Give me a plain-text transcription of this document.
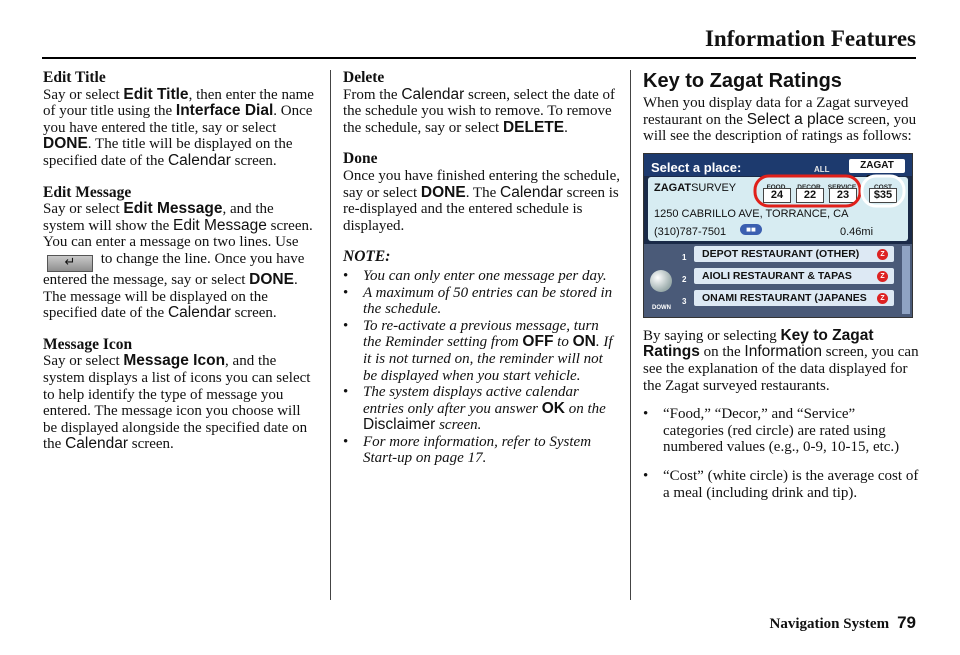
Information Features
Edit Title

Say or select Edit Title, then enter the name of your title using the Interface Dial. Once you have entered the title, say or select DONE. The title will be displayed on the specified date of the Calendar screen.

Edit Message

Say or select Edit Message, and the system will show the Edit Message screen. You can enter a message on two lines. Use ↵ to change the line. Once you have entered the message, say or select DONE. The message will be displayed on the specified date of the Calendar screen.

Message Icon

Say or select Message Icon, and the system displays a list of icons you can select to help identify the type of message you entered. The message icon you choose will be displayed alongside the specified date on the Calendar screen.

Delete

From the Calendar screen, select the date of the schedule you wish to remove. To remove the schedule, say or select DELETE.

Done

Once you have finished entering the schedule, say or select DONE. The Calendar screen is re-displayed and the entered schedule is displayed.

NOTE:
• You can only enter one message per day.
• A maximum of 50 entries can be stored in the schedule.
• To re-activate a previous message, turn the Reminder setting from OFF to ON. If it is not turned on, the reminder will not be displayed when you start vehicle.
• The system displays active calendar entries only after you answer OK on the Disclaimer screen.
• For more information, refer to System Start-up on page 17.
Key to Zagat Ratings

When you display data for a Zagat surveyed restaurant on the Select a place screen, you will see the description of ratings as follows:

Select a place:	ALL	ZAGAT
ZAGATSURVEY
24	22	23	$35
1250 CABRILLO AVE, TORRANCE, CA
(310)787-7501	■■	0.46mi
DOWN
1	DEPOT RESTAURANT (OTHER)	Z
2	AIOLI RESTAURANT & TAPAS	Z
3	ONAMI RESTAURANT (JAPANES	Z

By saying or selecting Key to Zagat Ratings on the Information screen, you can see the explanation of the data displayed for the Zagat surveyed restaurants.

• “Food,” “Decor,” and “Service” categories (red circle) are rated using numbered values (e.g., 0-9, 10-15, etc.)
• “Cost” (white circle) is the average cost of a meal (including drink and tip).
Navigation System 79
